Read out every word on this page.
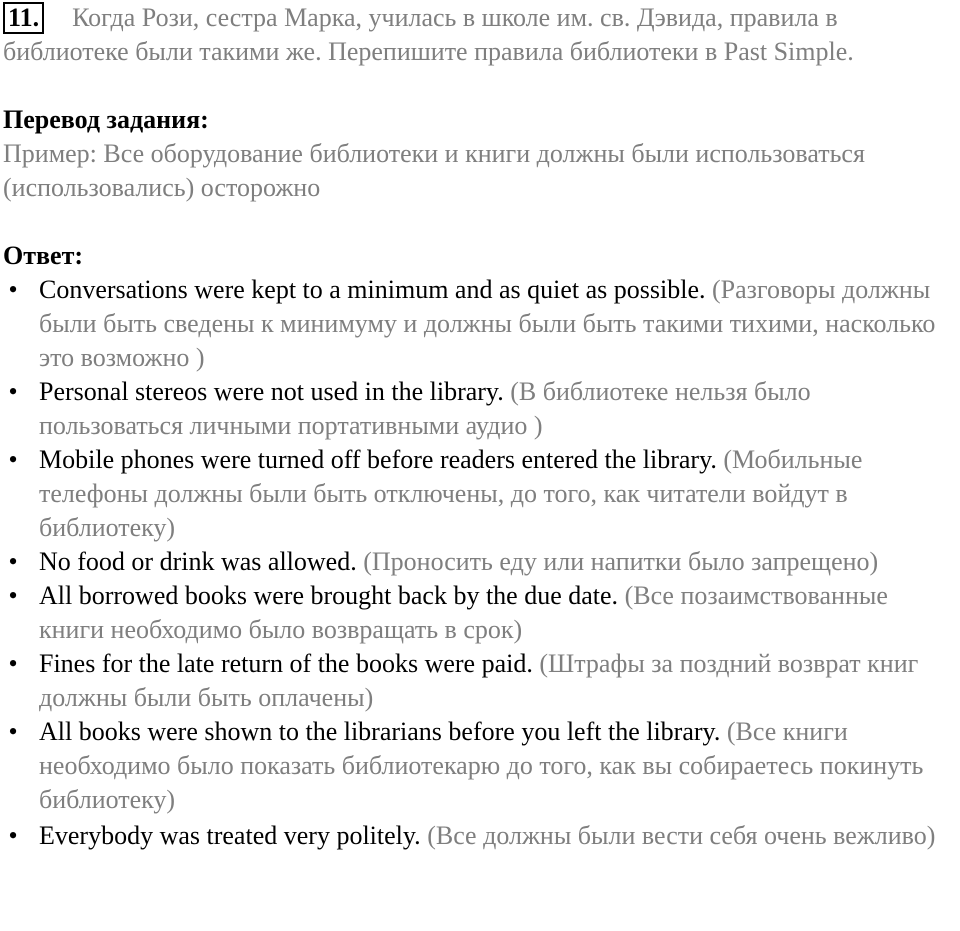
11. Когда Рози, сестра Марка, училась в школе им. св. Дэвида, правила в библиотеке были такими же. Перепишите правила библиотеки в Past Simple.

Перевод задания:

Пример: Все оборудование библиотеки и книги должны были использоваться (использовались) осторожно

Ответ:

• Conversations were kept to a minimum and as quiet as possible. (Разговоры должны были быть сведены к минимуму и должны были быть такими тихими, насколько это возможно )
• Personal stereos were not used in the library. (В библиотеке нельзя было пользоваться личными портативными аудио )
• Mobile phones were turned off before readers entered the library. (Мобильные телефоны должны были быть отключены, до того, как читатели войдут в библиотеку)
• No food or drink was allowed. (Проносить еду или напитки было запрещено)
• All borrowed books were brought back by the due date. (Все позаимствованные книги необходимо было возвращать в срок)
• Fines for the late return of the books were paid. (Штрафы за поздний возврат книг должны были быть оплачены)
• All books were shown to the librarians before you left the library. (Все книги необходимо было показать библиотекарю до того, как вы собираетесь покинуть библиотеку)
• Everybody was treated very politely. (Все должны были вести себя очень вежливо)
